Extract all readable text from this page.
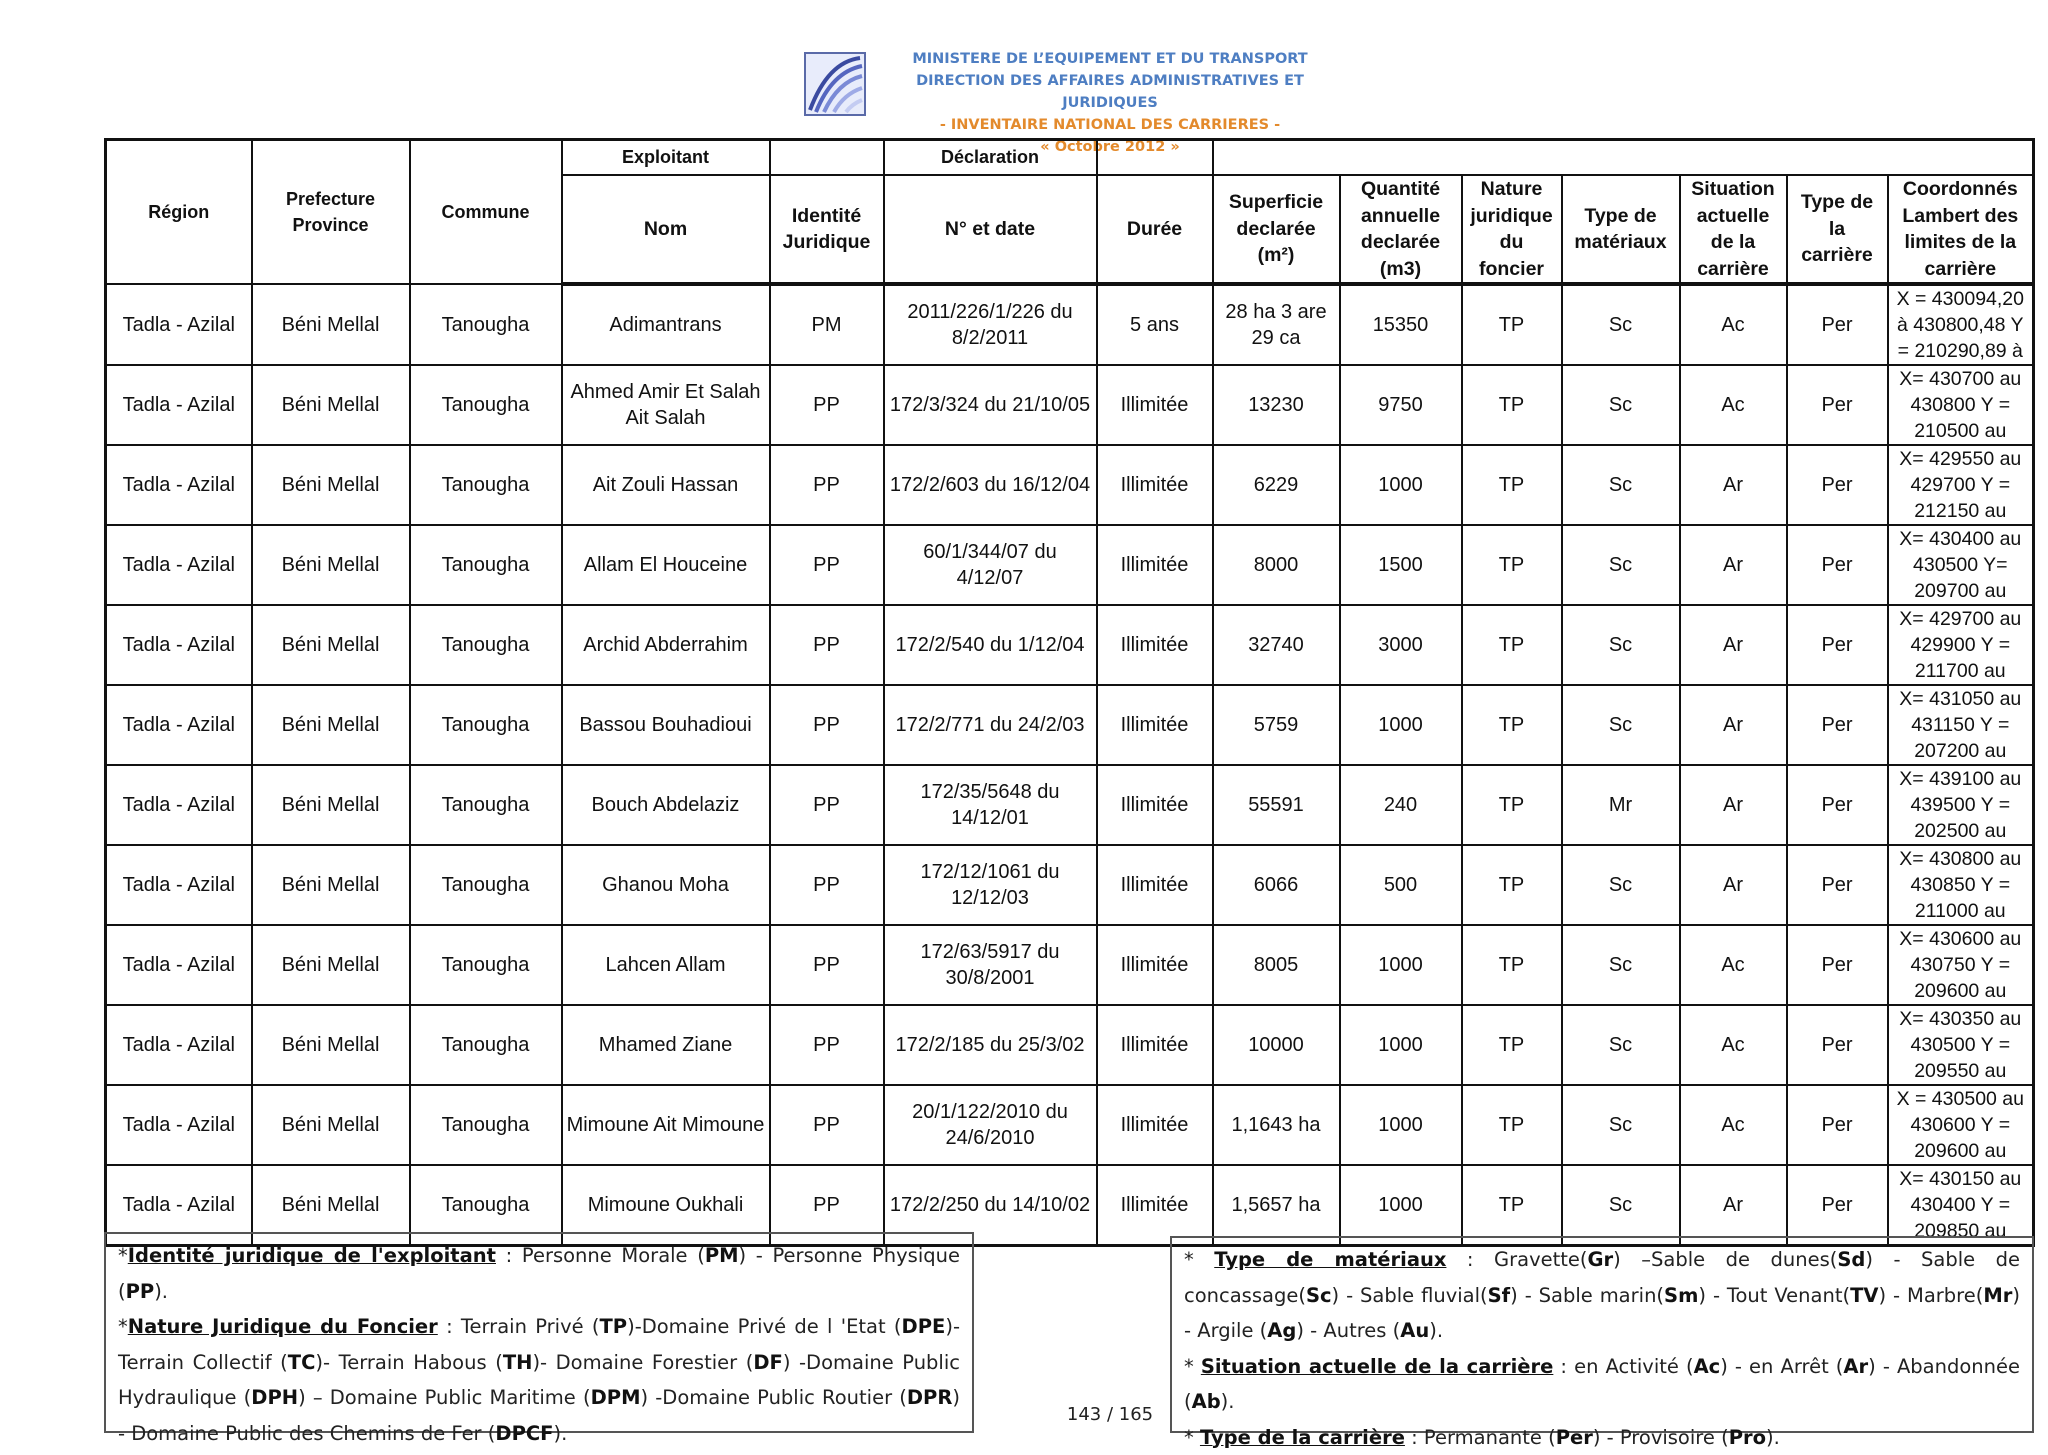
MINISTERE DE L’EQUIPEMENT ET DU TRANSPORT
DIRECTION DES AFFAIRES ADMINISTRATIVES ET JURIDIQUES
- INVENTAIRE NATIONAL DES CARRIERES -
« Octobre 2012 »
Région	Prefecture Province	Commune	Exploitant		Déclaration								
			Nom	Identité Juridique	N° et date	Durée	Superficie declarée (m²)	Quantité annuelle declarée (m3)	Nature juridique du foncier	Type de matériaux	Situation actuelle de la carrière	Type de la carrière	Coordonnés Lambert des limites de la carrière
Tadla - Azilal	Béni Mellal	Tanougha	Adimantrans	PM	2011/226/1/226 du 8/2/2011	5 ans	28 ha 3 are 29 ca	15350	TP	Sc	Ac	Per	X = 430094,20 à 430800,48 Y = 210290,89 à

Tadla - Azilal	Béni Mellal	Tanougha	Ahmed Amir Et Salah Ait Salah	PP	172/3/324 du 21/10/05	Illimitée	13230	9750	TP	Sc	Ac	Per	X= 430700 au 430800 Y = 210500 au

Tadla - Azilal	Béni Mellal	Tanougha	Ait Zouli Hassan	PP	172/2/603 du 16/12/04	Illimitée	6229	1000	TP	Sc	Ar	Per	X= 429550 au 429700 Y = 212150 au

Tadla - Azilal	Béni Mellal	Tanougha	Allam El Houceine	PP	60/1/344/07 du 4/12/07	Illimitée	8000	1500	TP	Sc	Ar	Per	X= 430400 au 430500 Y= 209700 au

Tadla - Azilal	Béni Mellal	Tanougha	Archid Abderrahim	PP	172/2/540 du 1/12/04	Illimitée	32740	3000	TP	Sc	Ar	Per	X= 429700 au 429900 Y = 211700 au

Tadla - Azilal	Béni Mellal	Tanougha	Bassou Bouhadioui	PP	172/2/771 du 24/2/03	Illimitée	5759	1000	TP	Sc	Ar	Per	X= 431050 au 431150 Y = 207200 au

Tadla - Azilal	Béni Mellal	Tanougha	Bouch Abdelaziz	PP	172/35/5648 du 14/12/01	Illimitée	55591	240	TP	Mr	Ar	Per	X= 439100 au 439500 Y = 202500 au

Tadla - Azilal	Béni Mellal	Tanougha	Ghanou Moha	PP	172/12/1061 du 12/12/03	Illimitée	6066	500	TP	Sc	Ar	Per	X= 430800 au 430850 Y = 211000 au

Tadla - Azilal	Béni Mellal	Tanougha	Lahcen Allam	PP	172/63/5917 du 30/8/2001	Illimitée	8005	1000	TP	Sc	Ac	Per	X= 430600 au 430750 Y = 209600 au

Tadla - Azilal	Béni Mellal	Tanougha	Mhamed Ziane	PP	172/2/185 du 25/3/02	Illimitée	10000	1000	TP	Sc	Ac	Per	X= 430350 au 430500 Y = 209550 au

Tadla - Azilal	Béni Mellal	Tanougha	Mimoune Ait Mimoune	PP	20/1/122/2010 du 24/6/2010	Illimitée	1,1643 ha	1000	TP	Sc	Ac	Per	X = 430500 au 430600 Y = 209600 au

Tadla - Azilal	Béni Mellal	Tanougha	Mimoune Oukhali	PP	172/2/250 du 14/10/02	Illimitée	1,5657 ha	1000	TP	Sc	Ar	Per	X= 430150 au 430400 Y = 209850 au

*Identité juridique de l'exploitant : Personne Morale (PM) - Personne Physique (PP).

*Nature Juridique du Foncier : Terrain Privé (TP)-Domaine Privé de l 'Etat (DPE)- Terrain Collectif (TC)- Terrain Habous (TH)- Domaine Forestier (DF) -Domaine Public Hydraulique (DPH) – Domaine Public Maritime (DPM) -Domaine Public Routier (DPR) - Domaine Public des Chemins de Fer (DPCF).

* Type de matériaux : Gravette(Gr) –Sable de dunes(Sd) - Sable de concassage(Sc) - Sable fluvial(Sf) - Sable marin(Sm) - Tout Venant(TV) - Marbre(Mr) - Argile (Ag) - Autres (Au).

* Situation actuelle de la carrière : en Activité (Ac) - en Arrêt (Ar) - Abandonnée (Ab).

* Type de la carrière : Permanante (Per) - Provisoire (Pro).

143 / 165
